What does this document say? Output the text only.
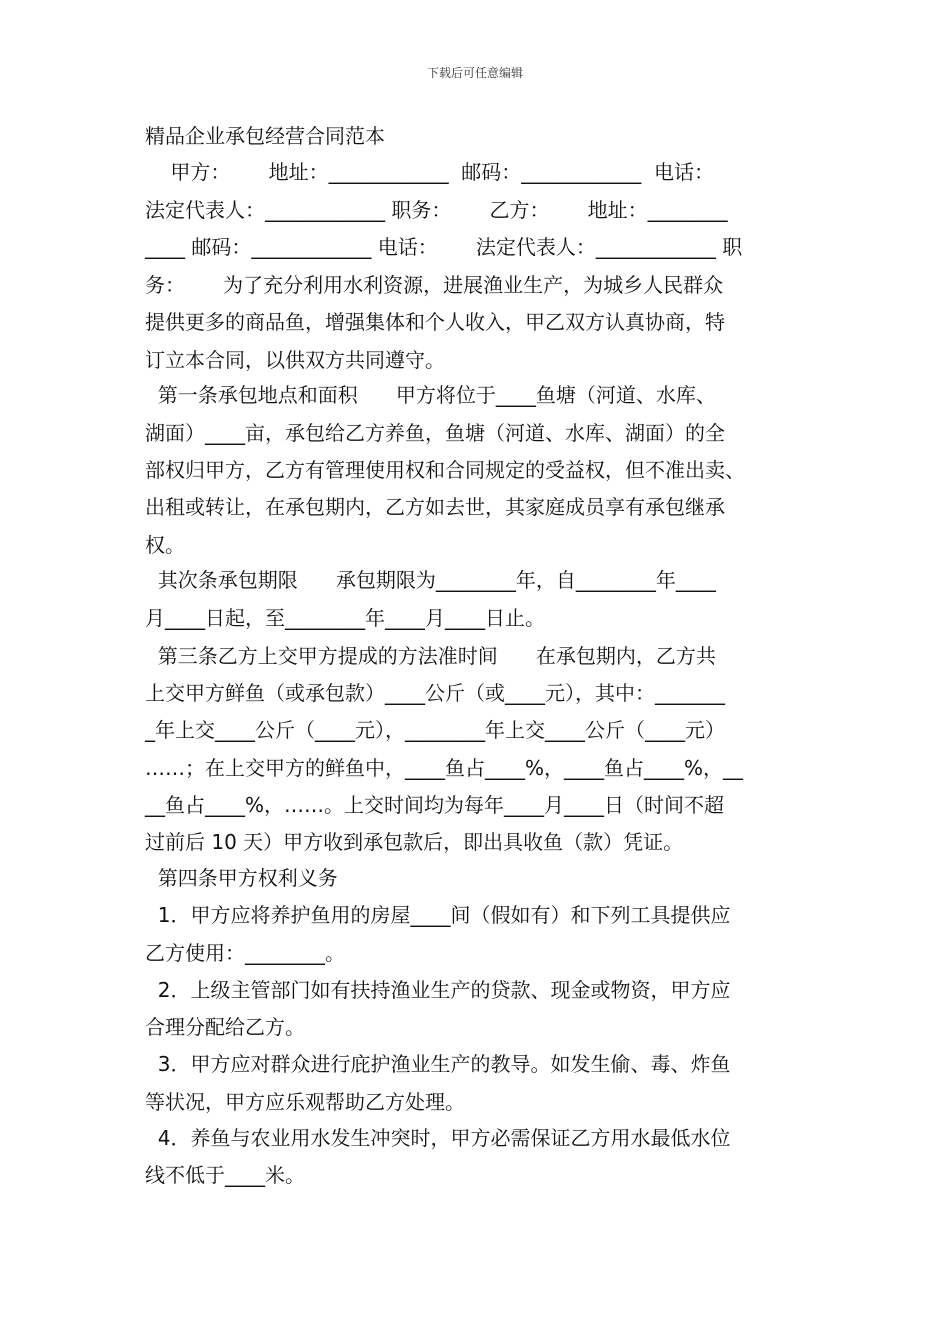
下载后可任意编辑
精品企业承包经营合同范本
甲方：      地址：____________  邮码：____________  电话：
法定代表人：____________ 职务：      乙方：      地址：________
____ 邮码：____________ 电话：      法定代表人：____________ 职
务：      为了充分利用水利资源，进展渔业生产，为城乡人民群众
提供更多的商品鱼，增强集体和个人收入，甲乙双方认真协商，特
订立本合同，以供双方共同遵守。
第一条承包地点和面积      甲方将位于____鱼塘（河道、水库、
湖面）____亩，承包给乙方养鱼，鱼塘（河道、水库、湖面）的全
部权归甲方，乙方有管理使用权和合同规定的受益权，但不准出卖、
出租或转让，在承包期内，乙方如去世，其家庭成员享有承包继承
权。
其次条承包期限      承包期限为________年，自________年____
月____日起，至________年____月____日止。
第三条乙方上交甲方提成的方法准时间      在承包期内，乙方共
上交甲方鲜鱼（或承包款）____公斤（或____元），其中：_______
_年上交____公斤（____元），________年上交____公斤（____元）
……；在上交甲方的鲜鱼中，____鱼占____%，____鱼占____%，__
__鱼占____%，……。上交时间均为每年____月____日（时间不超
过前后 10 天）甲方收到承包款后，即出具收鱼（款）凭证。
第四条甲方权利义务
1．甲方应将养护鱼用的房屋____间（假如有）和下列工具提供应
乙方使用：________。
2．上级主管部门如有扶持渔业生产的贷款、现金或物资，甲方应
合理分配给乙方。
3．甲方应对群众进行庇护渔业生产的教导。如发生偷、毒、炸鱼
等状况，甲方应乐观帮助乙方处理。
4．养鱼与农业用水发生冲突时，甲方必需保证乙方用水最低水位
线不低于____米。
